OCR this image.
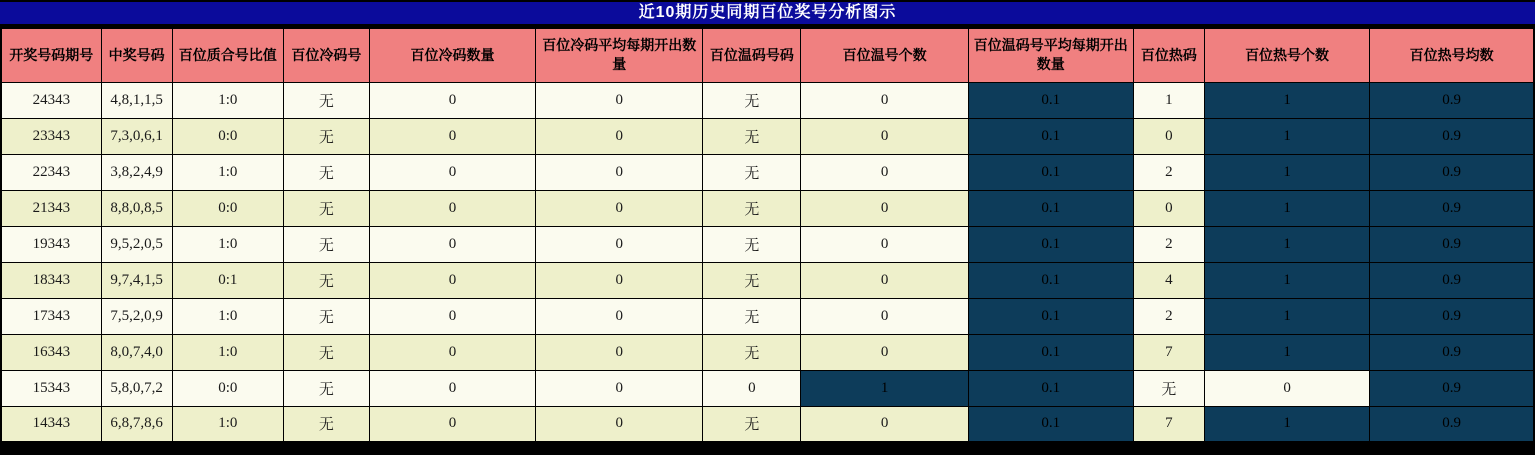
近10期历史同期百位奖号分析图示
开奖号码期号	中奖号码	百位质合号比值	百位冷码号	百位冷码数量	百位冷码平均每期开出数量	百位温码号码	百位温号个数	百位温码号平均每期开出数量	百位热码	百位热号个数	百位热号均数
24343	4,8,1,1,5	1:0	无	0	0	无	0	0.1	1	1	0.9
23343	7,3,0,6,1	0:0	无	0	0	无	0	0.1	0	1	0.9
22343	3,8,2,4,9	1:0	无	0	0	无	0	0.1	2	1	0.9
21343	8,8,0,8,5	0:0	无	0	0	无	0	0.1	0	1	0.9
19343	9,5,2,0,5	1:0	无	0	0	无	0	0.1	2	1	0.9
18343	9,7,4,1,5	0:1	无	0	0	无	0	0.1	4	1	0.9
17343	7,5,2,0,9	1:0	无	0	0	无	0	0.1	2	1	0.9
16343	8,0,7,4,0	1:0	无	0	0	无	0	0.1	7	1	0.9
15343	5,8,0,7,2	0:0	无	0	0	0	1	0.1	无	0	0.9
14343	6,8,7,8,6	1:0	无	0	0	无	0	0.1	7	1	0.9
